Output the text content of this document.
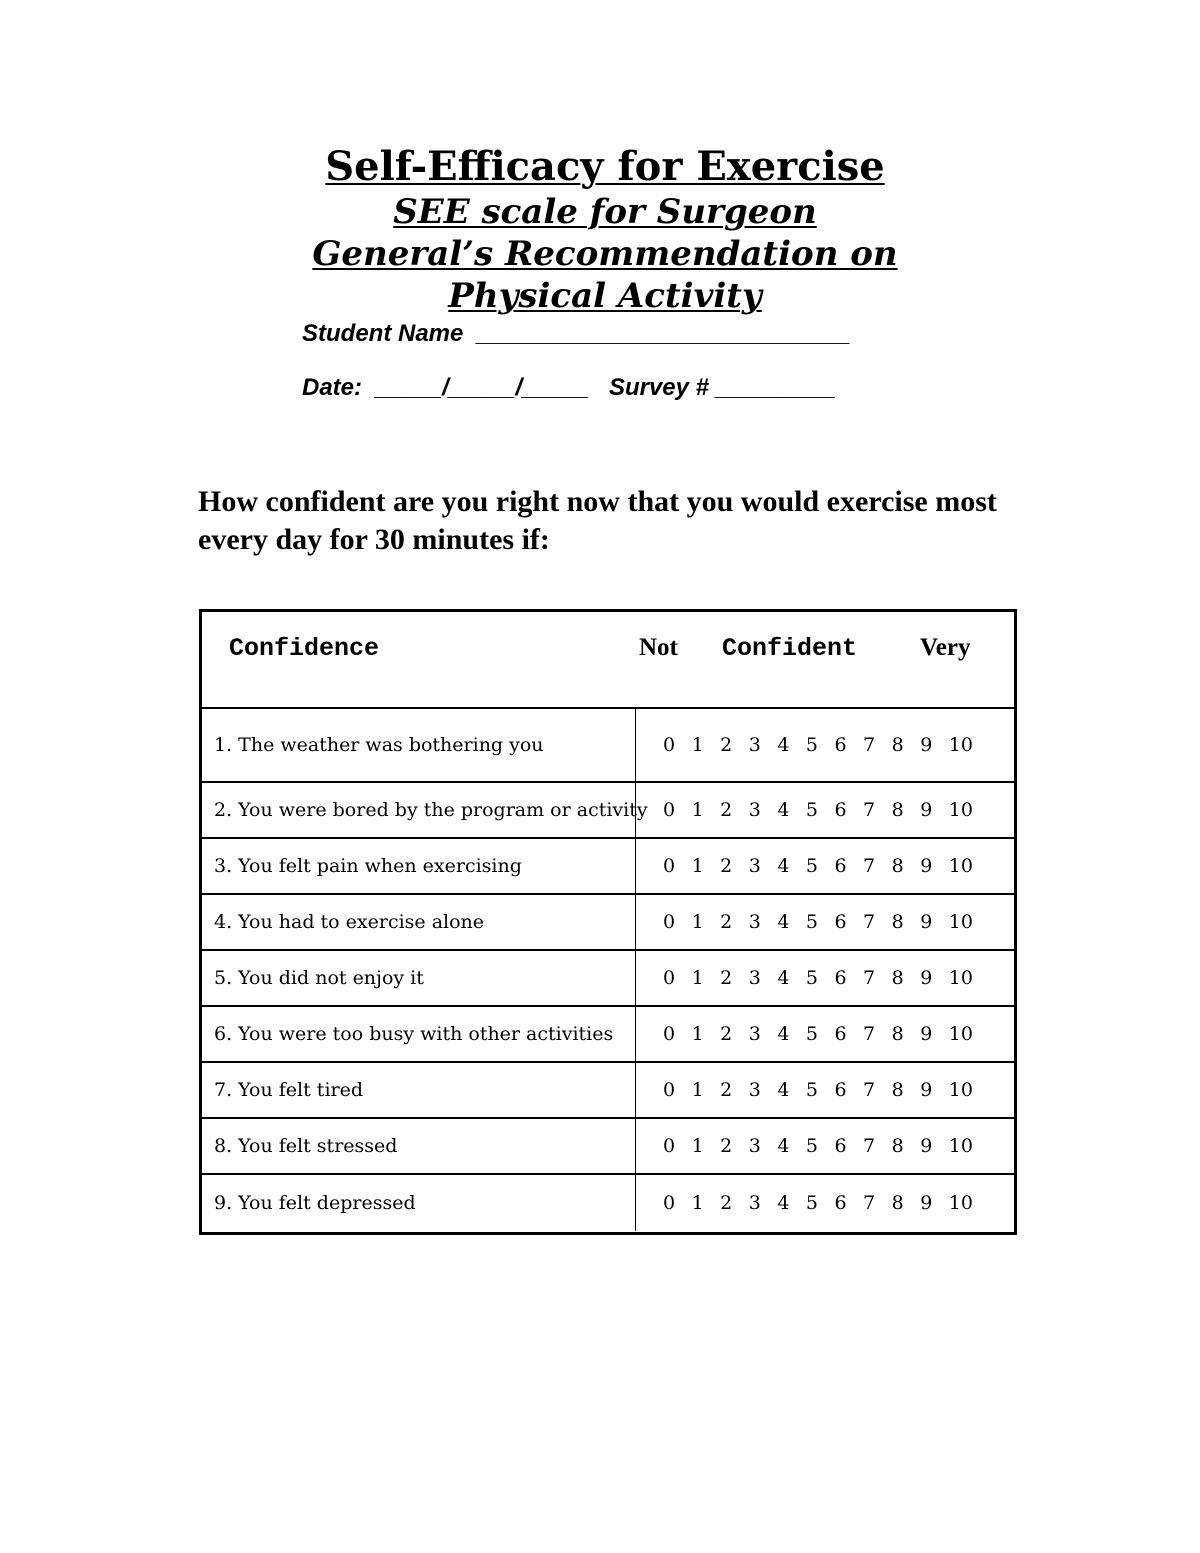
Self-Efficacy for Exercise
SEE scale for Surgeon
General’s Recommendation on
Physical Activity
Student Name ____________________________
Date: _____/_____/_____ Survey # _________

How confident are you right now that you would exercise most every day for 30 minutes if:

Confidence	Not Confident	Very
1. The weather was bothering you	0 1 2 3 4 5 6 7 8 9 10
2. You were bored by the program or activity 0 1 2 3 4 5 6 7 8 9 10
3. You felt pain when exercising	0 1 2 3 4 5 6 7 8 9 10
4. You had to exercise alone	0 1 2 3 4 5 6 7 8 9 10
5. You did not enjoy it	0 1 2 3 4 5 6 7 8 9 10
6. You were too busy with other activities	0 1 2 3 4 5 6 7 8 9 10
7. You felt tired	0 1 2 3 4 5 6 7 8 9 10
8. You felt stressed	0 1 2 3 4 5 6 7 8 9 10
9. You felt depressed	0 1 2 3 4 5 6 7 8 9 10
